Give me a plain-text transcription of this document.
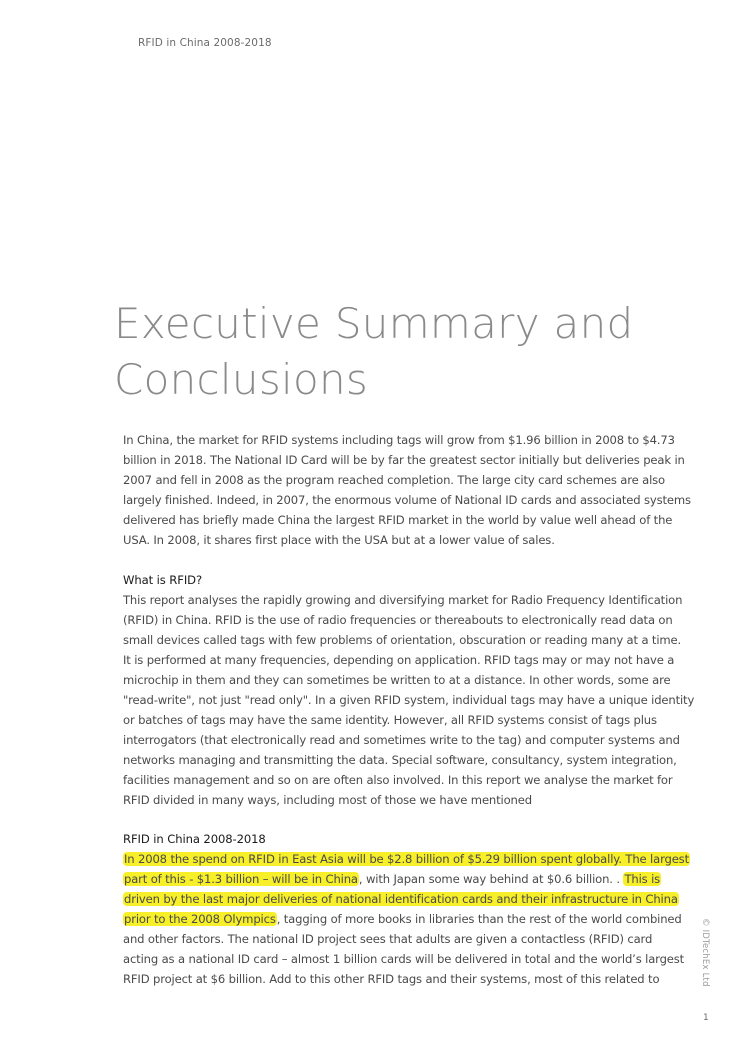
RFID in China 2008-2018
Executive Summary and
Conclusions

In China, the market for RFID systems including tags will grow from $1.96 billion in 2008 to $4.73
billion in 2018. The National ID Card will be by far the greatest sector initially but deliveries peak in
2007 and fell in 2008 as the program reached completion. The large city card schemes are also
largely finished. Indeed, in 2007, the enormous volume of National ID cards and associated systems
delivered has briefly made China the largest RFID market in the world by value well ahead of the
USA. In 2008, it shares first place with the USA but at a lower value of sales.

What is RFID?

This report analyses the rapidly growing and diversifying market for Radio Frequency Identification
(RFID) in China. RFID is the use of radio frequencies or thereabouts to electronically read data on
small devices called tags with few problems of orientation, obscuration or reading many at a time.
It is performed at many frequencies, depending on application. RFID tags may or may not have a
microchip in them and they can sometimes be written to at a distance. In other words, some are
"read-write", not just "read only". In a given RFID system, individual tags may have a unique identity
or batches of tags may have the same identity. However, all RFID systems consist of tags plus
interrogators (that electronically read and sometimes write to the tag) and computer systems and
networks managing and transmitting the data. Special software, consultancy, system integration,
facilities management and so on are often also involved. In this report we analyse the market for
RFID divided in many ways, including most of those we have mentioned

RFID in China 2008-2018

In 2008 the spend on RFID in East Asia will be $2.8 billion of $5.29 billion spent globally. The largest
part of this - $1.3 billion – will be in China, with Japan some way behind at $0.6 billion. . This is
driven by the last major deliveries of national identification cards and their infrastructure in China
prior to the 2008 Olympics, tagging of more books in libraries than the rest of the world combined
and other factors. The national ID project sees that adults are given a contactless (RFID) card
acting as a national ID card – almost 1 billion cards will be delivered in total and the world’s largest
RFID project at $6 billion. Add to this other RFID tags and their systems, most of this related to	© IDTechEx Ltd
1
